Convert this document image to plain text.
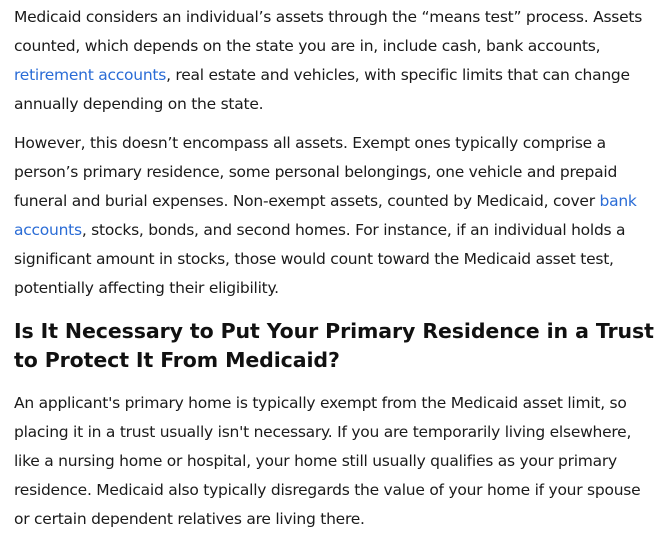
Medicaid considers an individual’s assets through the “means test” process. Assets counted, which depends on the state you are in, include cash, bank accounts, retirement accounts, real estate and vehicles, with specific limits that can change annually depending on the state.

However, this doesn’t encompass all assets. Exempt ones typically comprise a person’s primary residence, some personal belongings, one vehicle and prepaid funeral and burial expenses. Non-exempt assets, counted by Medicaid, cover bank accounts, stocks, bonds, and second homes. For instance, if an individual holds a significant amount in stocks, those would count toward the Medicaid asset test, potentially affecting their eligibility.

Is It Necessary to Put Your Primary Residence in a Trust to Protect It From Medicaid?

An applicant's primary home is typically exempt from the Medicaid asset limit, so placing it in a trust usually isn't necessary. If you are temporarily living elsewhere, like a nursing home or hospital, your home still usually qualifies as your primary residence. Medicaid also typically disregards the value of your home if your spouse or certain dependent relatives are living there.
